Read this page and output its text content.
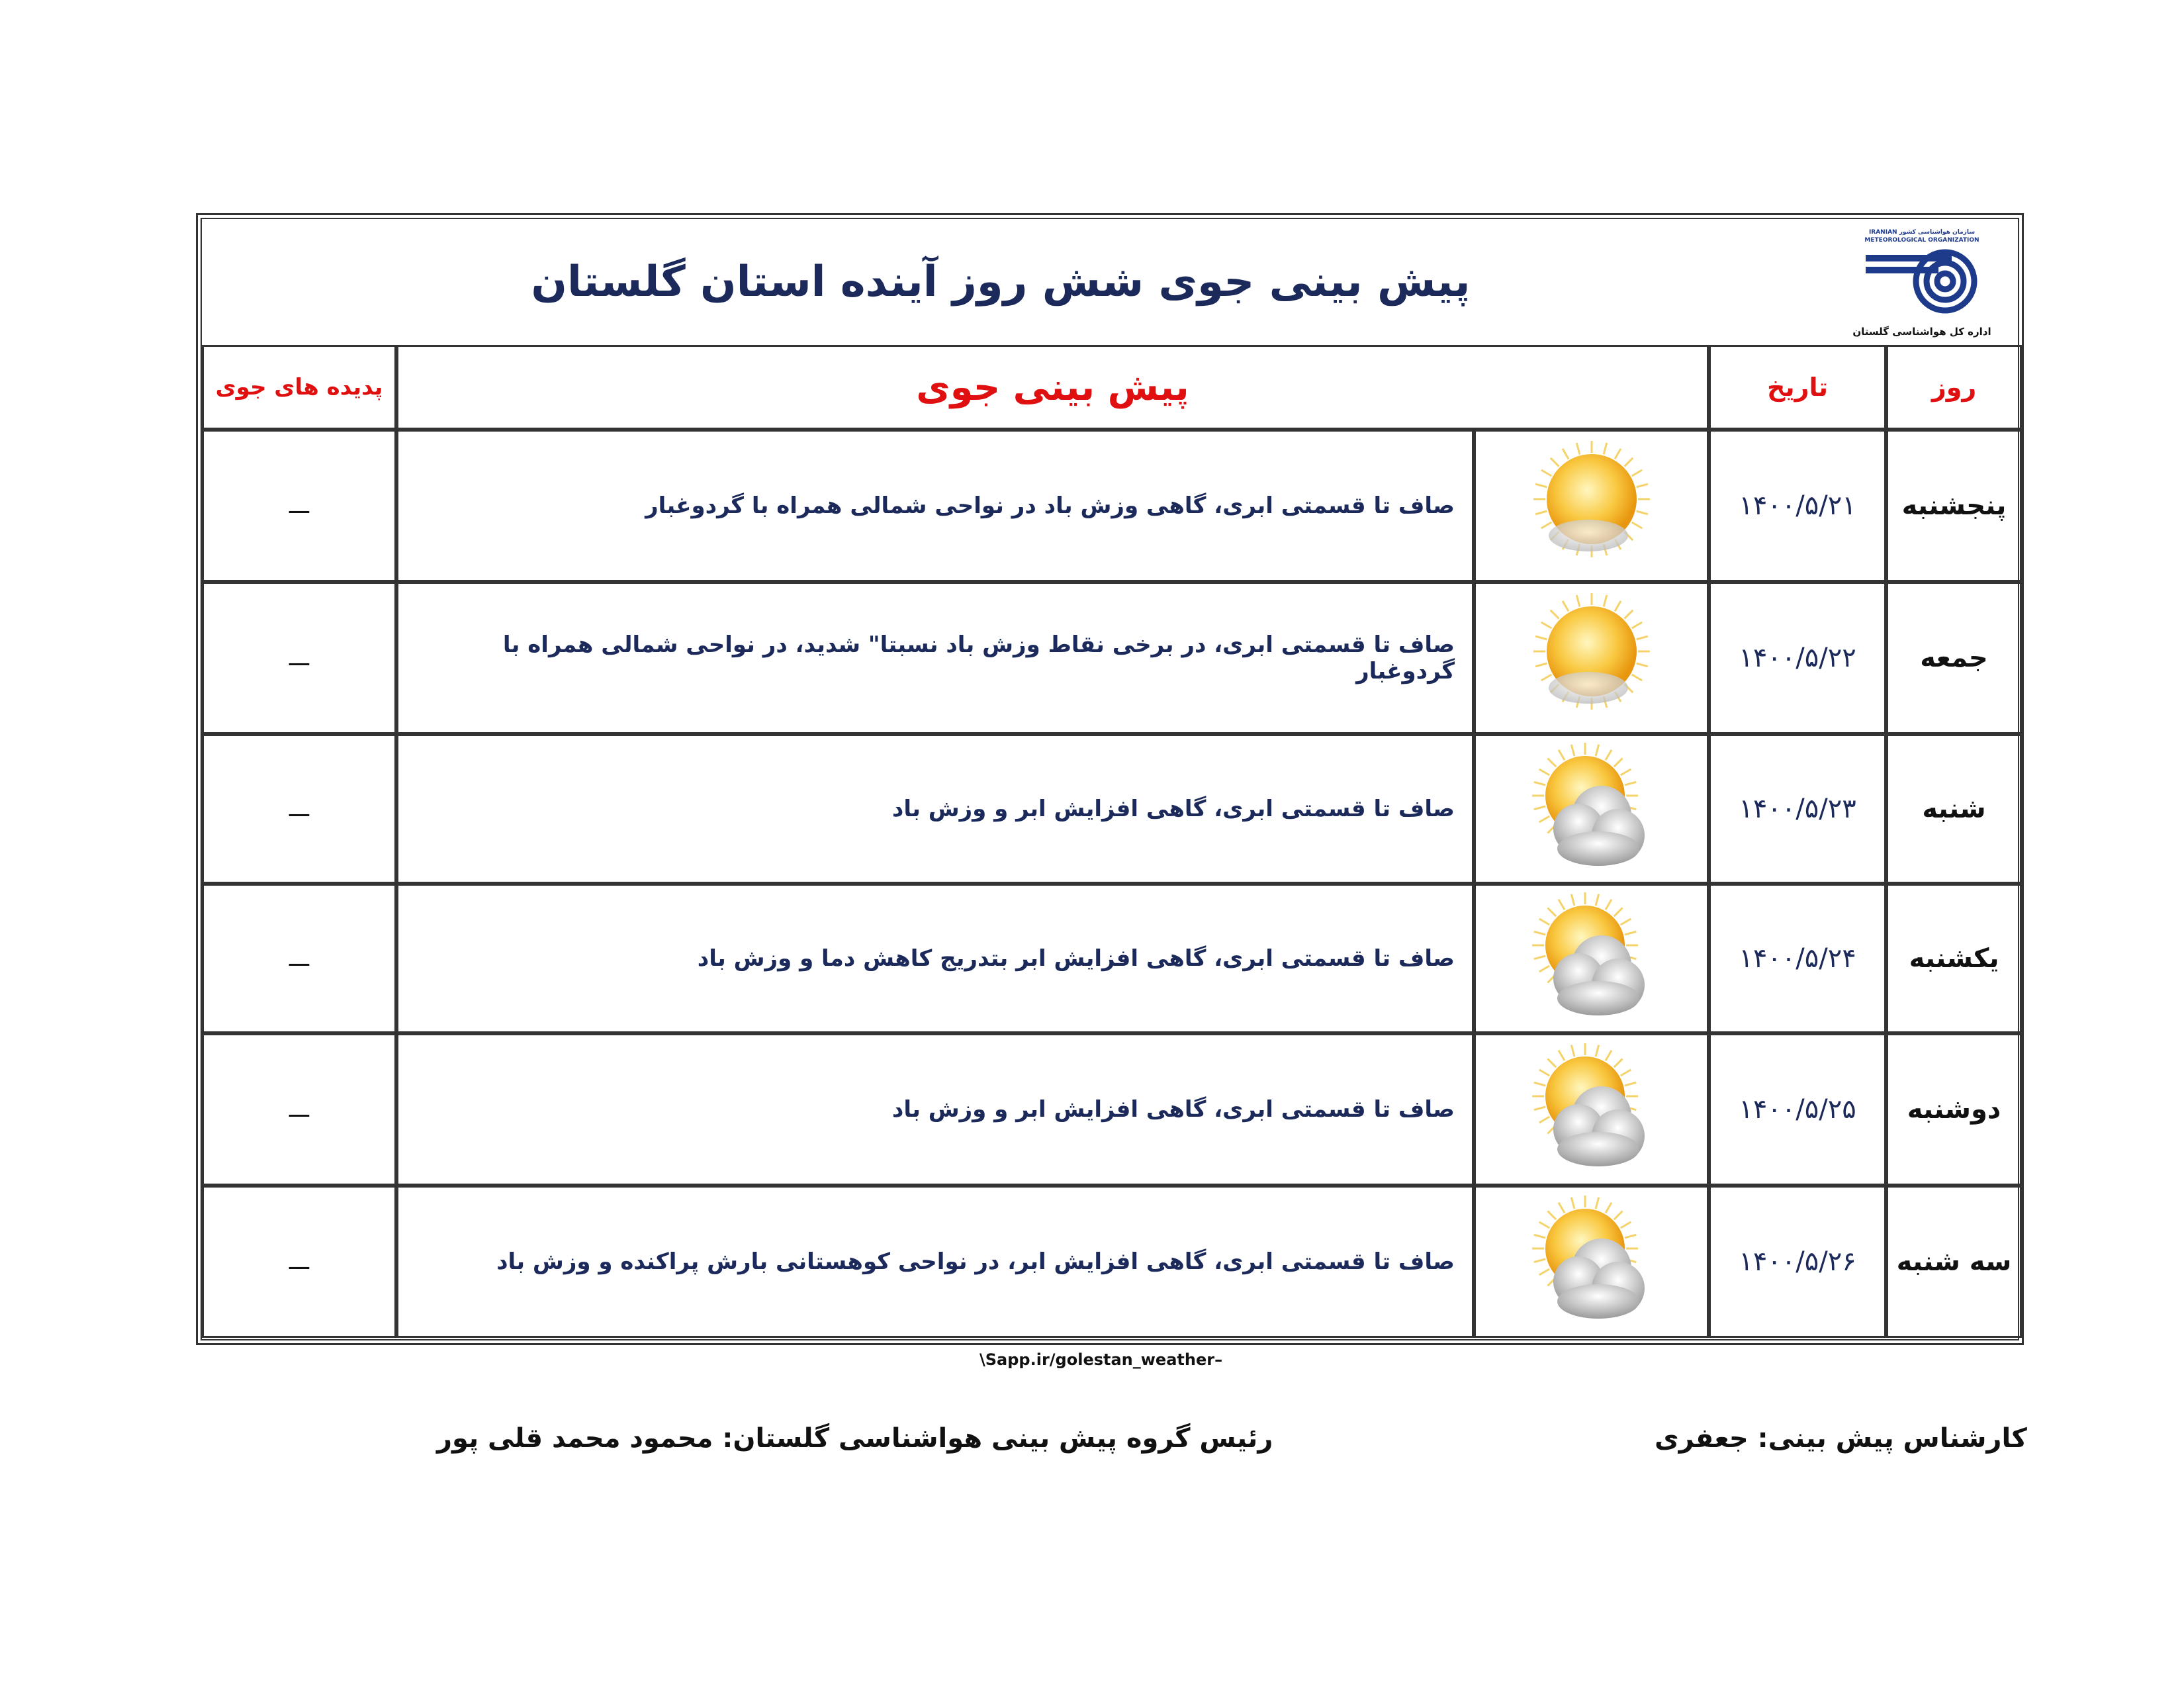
سازمان هواشناسی کشور IRANIAN METEOROLOGICAL ORGANIZATION
اداره کل هواشناسی گلستان
پیش بینی جوی شش روز آینده استان گلستان
روز	تاریخ	پیش بینی جوی		پدیده های جوی
پنجشنبه	۱۴۰۰/۵/۲۱		صاف تا قسمتی ابری، گاهی وزش باد در نواحی شمالی همراه با گردوغبار	ـــ
جمعه	۱۴۰۰/۵/۲۲		صاف تا قسمتی ابری، در برخی نقاط وزش باد نسبتا" شدید، در نواحی شمالی همراه با گردوغبار	ـــ
شنبه	۱۴۰۰/۵/۲۳		صاف تا قسمتی ابری، گاهی افزایش ابر و وزش باد	ـــ
یکشنبه	۱۴۰۰/۵/۲۴		صاف تا قسمتی ابری، گاهی افزایش ابر بتدریج کاهش دما و وزش باد	ـــ
دوشنبه	۱۴۰۰/۵/۲۵		صاف تا قسمتی ابری، گاهی افزایش ابر و وزش باد	ـــ
سه شنبه	۱۴۰۰/۵/۲۶		صاف تا قسمتی ابری، گاهی افزایش ابر، در نواحی کوهستانی بارش پراکنده و وزش باد	ـــ
\Sapp.ir/golestan_weather–
رئیس گروه پیش بینی هواشناسی گلستان: محمود محمد قلی پور	کارشناس پیش بینی: جعفری
